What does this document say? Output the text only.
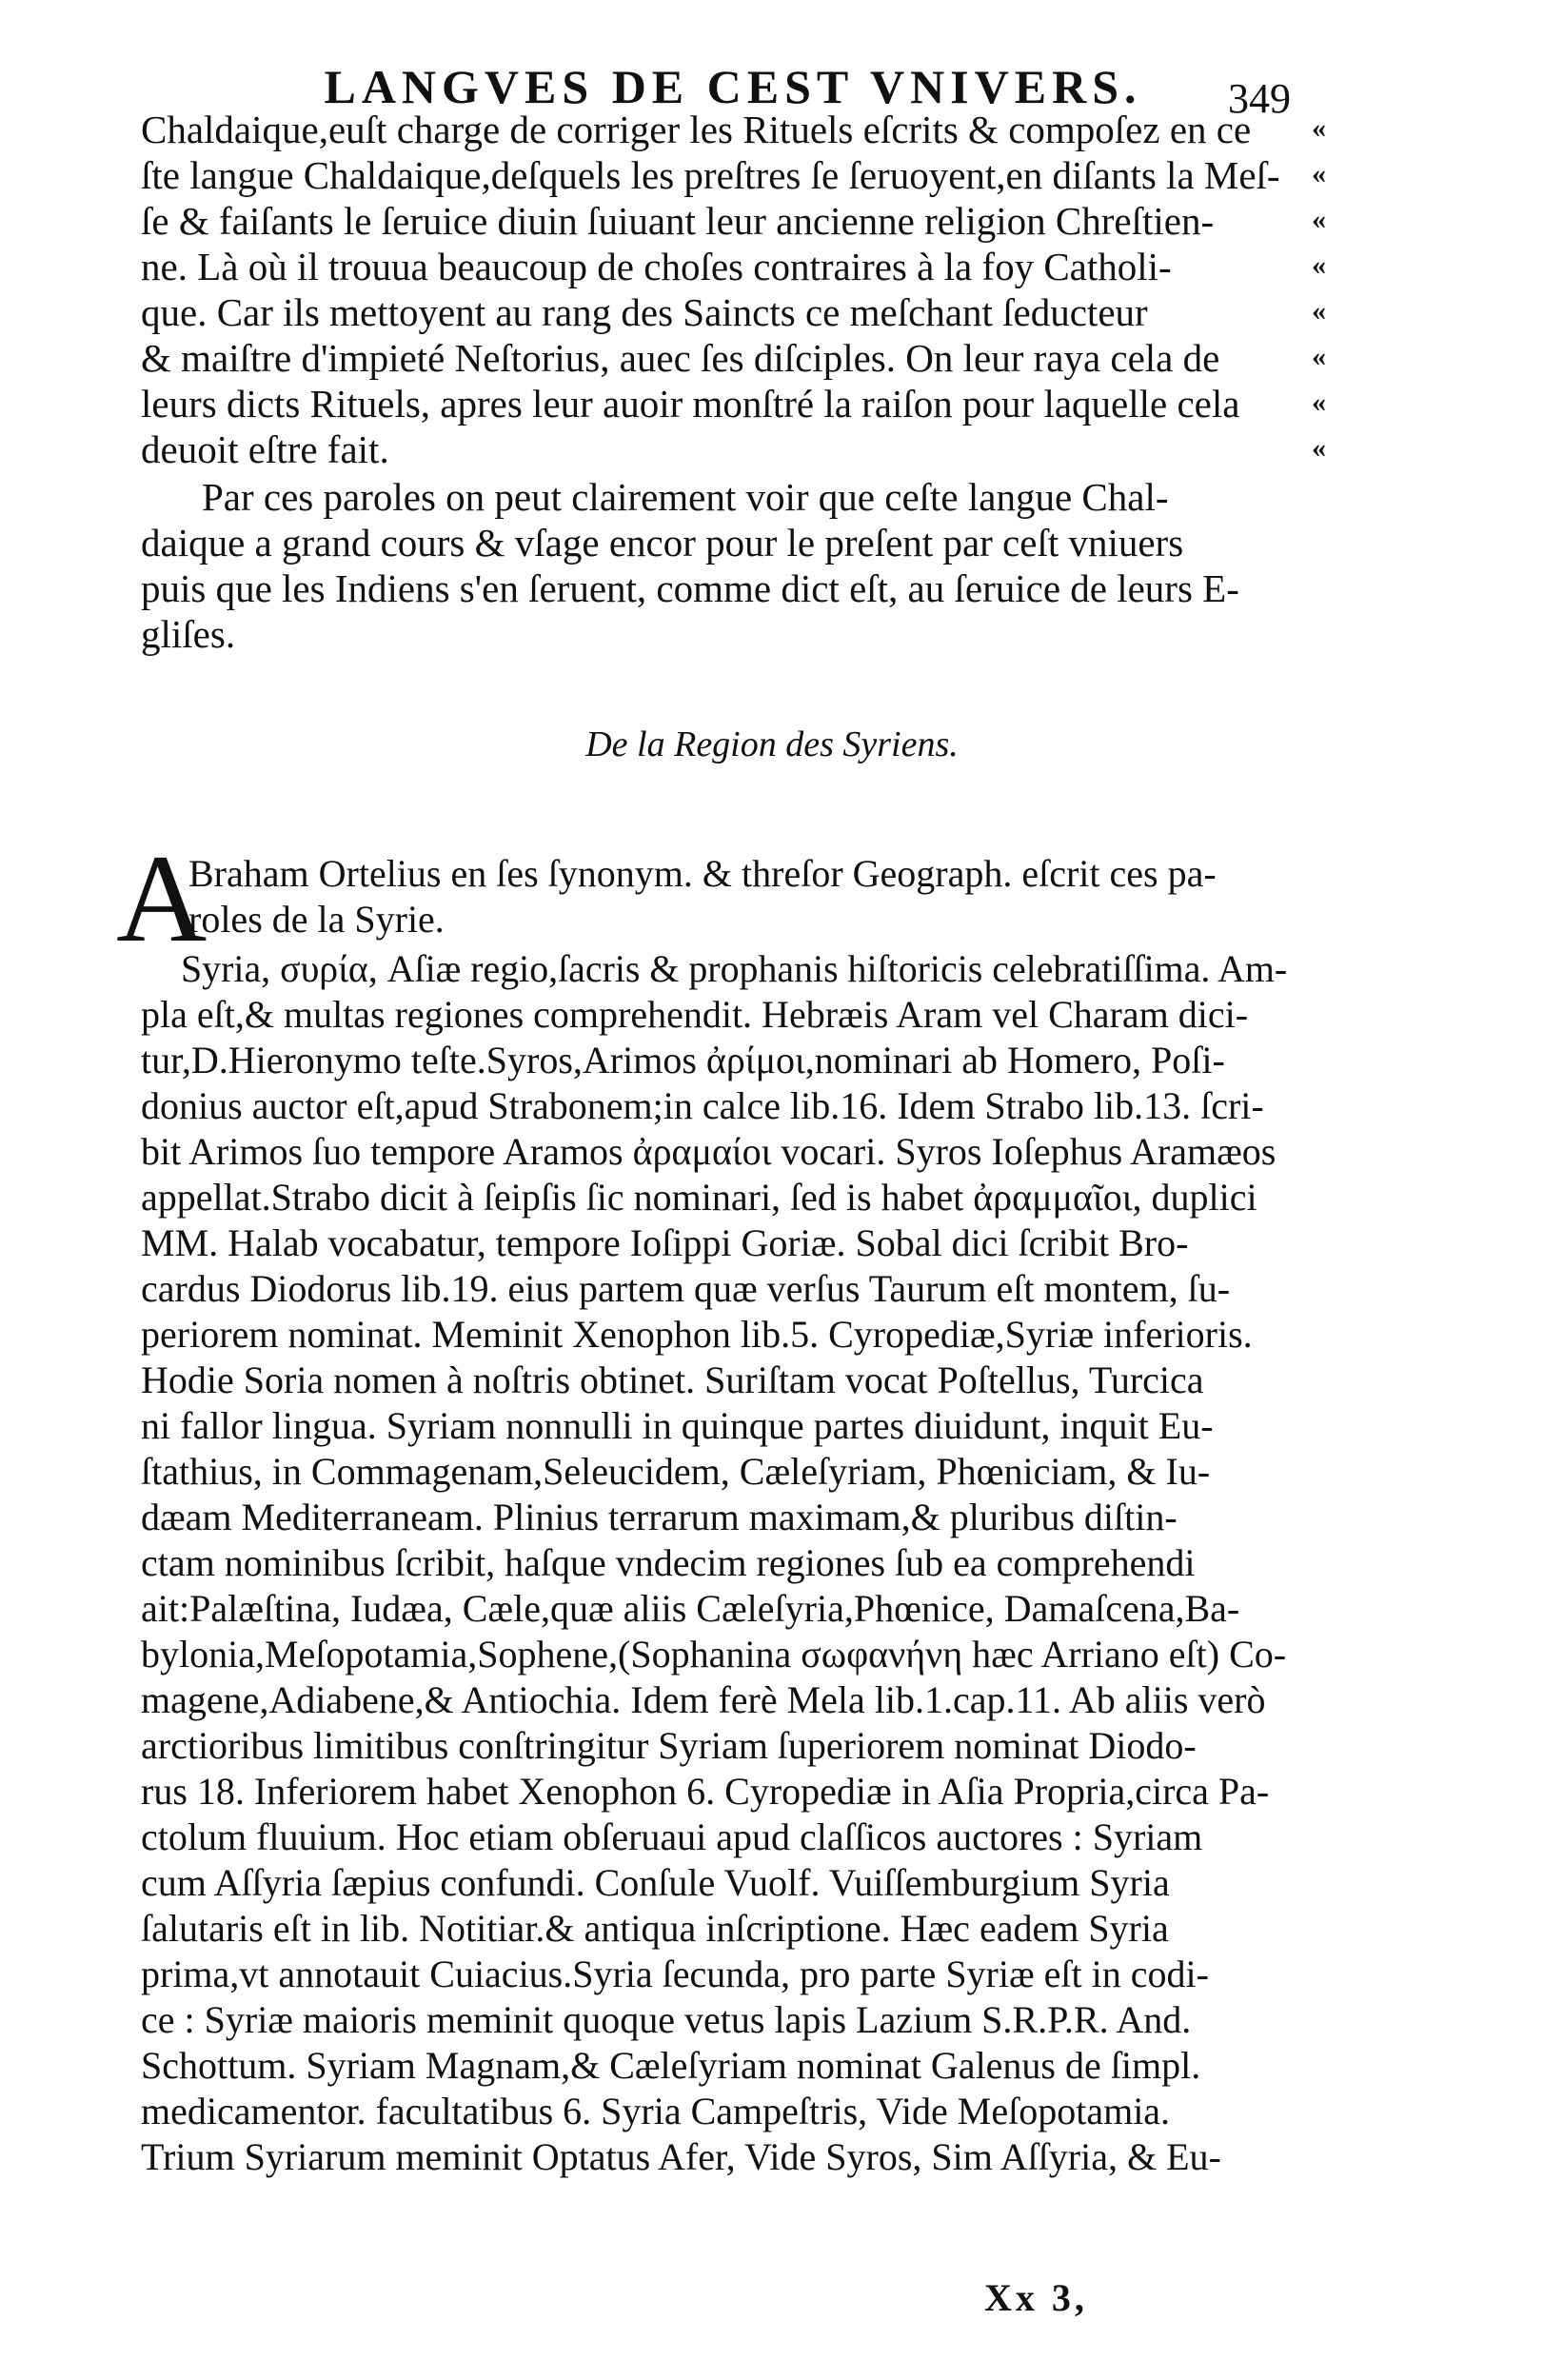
LANGVES DE CEST VNIVERS. 349
Chaldaique,euſt charge de corriger les Rituels eſcrits & compoſez en ce
ſte langue Chaldaique,deſquels les preſtres ſe ſeruoyent,en diſants la Meſ-
ſe & faiſants le ſeruice diuin ſuiuant leur ancienne religion Chreſtien-
ne. Là où il trouua beaucoup de choſes contraires à la foy Catholi-
que. Car ils mettoyent au rang des Saincts ce meſchant ſeducteur
& maiſtre d'impieté Neſtorius, auec ſes diſciples. On leur raya cela de
leurs dicts Rituels, apres leur auoir monſtré la raiſon pour laquelle cela
deuoit eſtre fait.
«
«
«
«
«
«
«
«
Par ces paroles on peut clairement voir que ceſte langue Chal-
daique a grand cours & vſage encor pour le preſent par ceſt vniuers
puis que les Indiens s'en ſeruent, comme dict eſt, au ſeruice de leurs E-
gliſes.
De la Region des Syriens.
A
Braham Ortelius en ſes ſynonym. & threſor Geograph. eſcrit ces pa-
roles de la Syrie.
Syria, συρία, Aſiæ regio,ſacris & prophanis hiſtoricis celebratiſſima. Am-
pla eſt,& multas regiones comprehendit. Hebræis Aram vel Charam dici-
tur,D.Hieronymo teſte.Syros,Arimos ἀρίμοι,nominari ab Homero, Poſi-
donius auctor eſt,apud Strabonem;in calce lib.16. Idem Strabo lib.13. ſcri-
bit Arimos ſuo tempore Aramos ἀραμαίοι vocari. Syros Ioſephus Aramæos
appellat.Strabo dicit à ſeipſis ſic nominari, ſed is habet ἀραμμαῖοι, duplici
MM. Halab vocabatur, tempore Ioſippi Goriæ. Sobal dici ſcribit Bro-
cardus Diodorus lib.19. eius partem quæ verſus Taurum eſt montem, ſu-
periorem nominat. Meminit Xenophon lib.5. Cyropediæ,Syriæ inferioris.
Hodie Soria nomen à noſtris obtinet. Suriſtam vocat Poſtellus, Turcica
ni fallor lingua. Syriam nonnulli in quinque partes diuidunt, inquit Eu-
ſtathius, in Commagenam,Seleucidem, Cæleſyriam, Phœniciam, & Iu-
dæam Mediterraneam. Plinius terrarum maximam,& pluribus diſtin-
ctam nominibus ſcribit, haſque vndecim regiones ſub ea comprehendi
ait:Palæſtina, Iudæa, Cæle,quæ aliis Cæleſyria,Phœnice, Damaſcena,Ba-
bylonia,Meſopotamia,Sophene,(Sophanina σωφανήνη hæc Arriano eſt) Co-
magene,Adiabene,& Antiochia. Idem ferè Mela lib.1.cap.11. Ab aliis verò
arctioribus limitibus conſtringitur Syriam ſuperiorem nominat Diodo-
rus 18. Inferiorem habet Xenophon 6. Cyropediæ in Aſia Propria,circa Pa-
ctolum fluuium. Hoc etiam obſeruaui apud claſſicos auctores : Syriam
cum Aſſyria ſæpius confundi. Conſule Vuolf. Vuiſſemburgium Syria
ſalutaris eſt in lib. Notitiar.& antiqua inſcriptione. Hæc eadem Syria
prima,vt annotauit Cuiacius.Syria ſecunda, pro parte Syriæ eſt in codi-
ce : Syriæ maioris meminit quoque vetus lapis Lazium S.R.P.R. And.
Schottum. Syriam Magnam,& Cæleſyriam nominat Galenus de ſimpl.
medicamentor. facultatibus 6. Syria Campeſtris, Vide Meſopotamia.
Trium Syriarum meminit Optatus Afer, Vide Syros, Sim Aſſyria, & Eu-
Xx 3,
